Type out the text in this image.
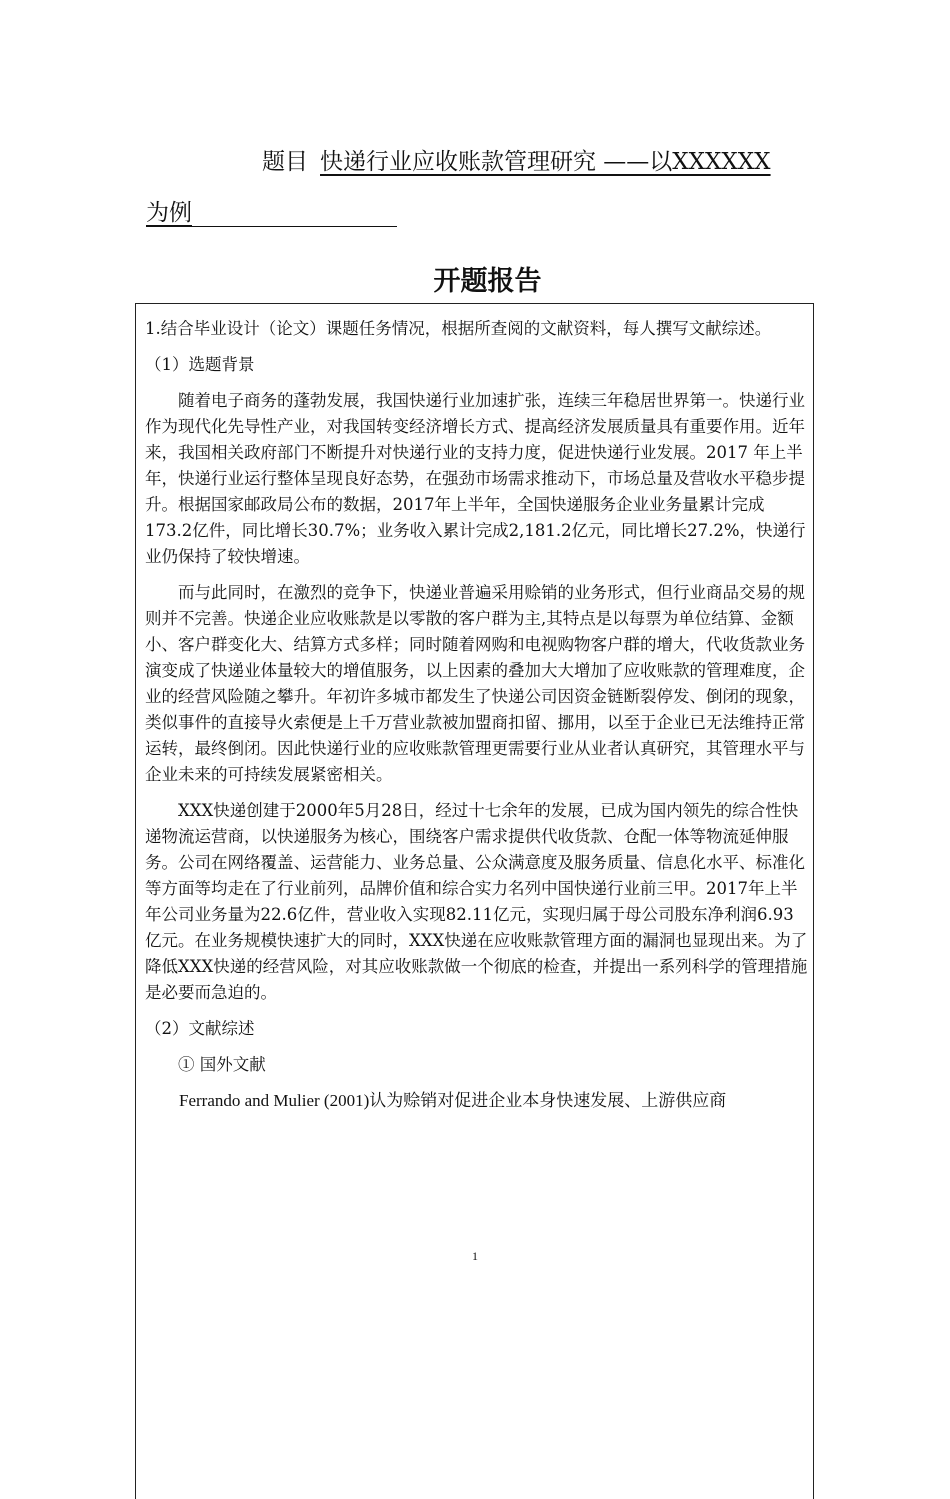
题目 快递行业应收账款管理研究 ——以XXXXXX
为例
开题报告

1.结合毕业设计（论文）课题任务情况，根据所查阅的文献资料，每人撰写文献综述。

（1）选题背景

随着电子商务的蓬勃发展，我国快递行业加速扩张，连续三年稳居世界第一。快递行业作为现代化先导性产业，对我国转变经济增长方式、提高经济发展质量具有重要作用。近年来，我国相关政府部门不断提升对快递行业的支持力度，促进快递行业发展。2017 年上半年，快递行业运行整体呈现良好态势，在强劲市场需求推动下，市场总量及营收水平稳步提升。根据国家邮政局公布的数据，2017年上半年，全国快递服务企业业务量累计完成173.2亿件，同比增长30.7%；业务收入累计完成2,181.2亿元，同比增长27.2%，快递行业仍保持了较快增速。

而与此同时，在激烈的竞争下，快递业普遍采用赊销的业务形式，但行业商品交易的规则并不完善。快递企业应收账款是以零散的客户群为主,其特点是以每票为单位结算、金额小、客户群变化大、结算方式多样；同时随着网购和电视购物客户群的增大，代收货款业务演变成了快递业体量较大的增值服务，以上因素的叠加大大增加了应收账款的管理难度，企业的经营风险随之攀升。年初许多城市都发生了快递公司因资金链断裂停发、倒闭的现象，类似事件的直接导火索便是上千万营业款被加盟商扣留、挪用，以至于企业已无法维持正常运转，最终倒闭。因此快递行业的应收账款管理更需要行业从业者认真研究，其管理水平与企业未来的可持续发展紧密相关。

XXX快递创建于2000年5月28日，经过十七余年的发展，已成为国内领先的综合性快递物流运营商，以快递服务为核心，围绕客户需求提供代收货款、仓配一体等物流延伸服务。公司在网络覆盖、运营能力、业务总量、公众满意度及服务质量、信息化水平、标准化等方面等均走在了行业前列，品牌价值和综合实力名列中国快递行业前三甲。2017年上半年公司业务量为22.6亿件，营业收入实现82.11亿元，实现归属于母公司股东净利润6.93亿元。在业务规模快速扩大的同时，XXX快递在应收账款管理方面的漏洞也显现出来。为了降低XXX快递的经营风险，对其应收账款做一个彻底的检查，并提出一系列科学的管理措施是必要而急迫的。

（2）文献综述

① 国外文献

Ferrando and Mulier (2001)认为赊销对促进企业本身快速发展、上游供应商

1
